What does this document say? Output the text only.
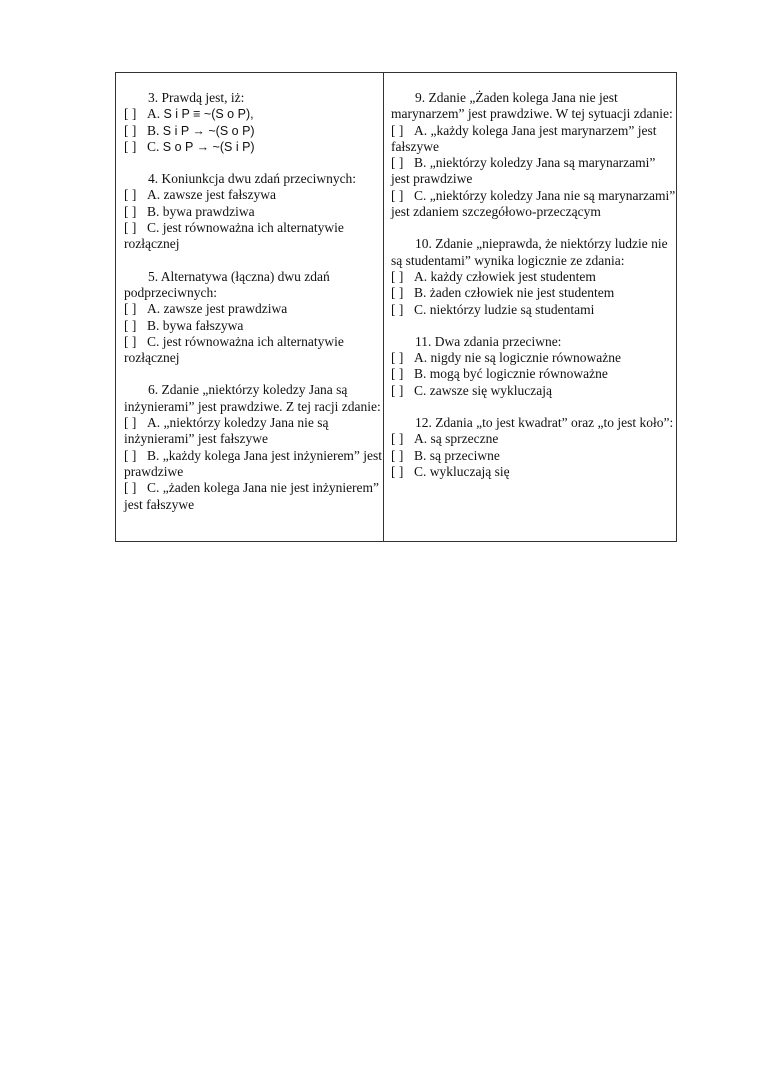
3. Prawdą jest, iż:
[ ] A. S i P ≡ ~(S o P),
[ ] B. S i P → ~(S o P)
[ ] C. S o P → ~(S i P)
4. Koniunkcja dwu zdań przeciwnych:
[ ] A. zawsze jest fałszywa
[ ] B. bywa prawdziwa
[ ] C. jest równoważna ich alternatywie rozłącznej
5. Alternatywa (łączna) dwu zdań podprzeciwnych:
[ ] A. zawsze jest prawdziwa
[ ] B. bywa fałszywa
[ ] C. jest równoważna ich alternatywie rozłącznej
6. Zdanie „niektórzy koledzy Jana są inżynierami” jest prawdziwe. Z tej racji zdanie:
[ ] A. „niektórzy koledzy Jana nie są inżynierami” jest fałszywe
[ ] B. „każdy kolega Jana jest inżynierem” jest prawdziwe
[ ] C. „żaden kolega Jana nie jest inżynierem” jest fałszywe
9. Zdanie „Żaden kolega Jana nie jest marynarzem” jest prawdziwe. W tej sytuacji zdanie:
[ ] A. „każdy kolega Jana jest marynarzem” jest fałszywe
[ ] B. „niektórzy koledzy Jana są marynarzami” jest prawdziwe
[ ] C. „niektórzy koledzy Jana nie są marynarzami” jest zdaniem szczegółowo-przeczącym
10. Zdanie „nieprawda, że niektórzy ludzie nie są studentami” wynika logicznie ze zdania:
[ ] A. każdy człowiek jest studentem
[ ] B. żaden człowiek nie jest studentem
[ ] C. niektórzy ludzie są studentami
11. Dwa zdania przeciwne:
[ ] A. nigdy nie są logicznie równoważne
[ ] B. mogą być logicznie równoważne
[ ] C. zawsze się wykluczają
12. Zdania „to jest kwadrat” oraz „to jest koło”:
[ ] A. są sprzeczne
[ ] B. są przeciwne
[ ] C. wykluczają się
